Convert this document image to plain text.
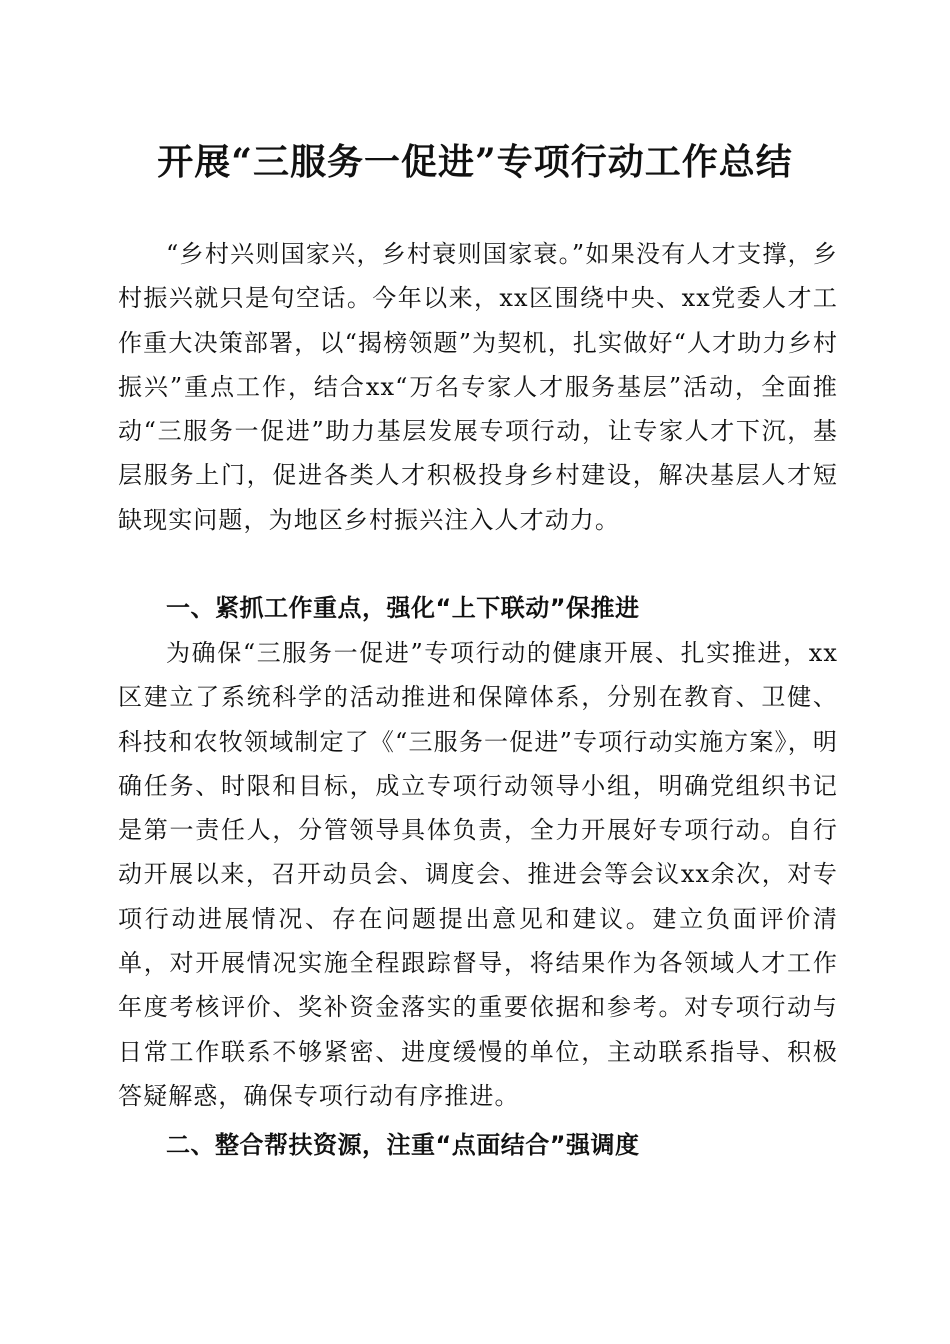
开展“三服务一促进”专项行动工作总结

“乡村兴则国家兴，乡村衰则国家衰。”如果没有人才支撑，乡村振兴就只是句空话。今年以来，xx区围绕中央、xx党委人才工作重大决策部署，以“揭榜领题”为契机，扎实做好“人才助力乡村振兴”重点工作，结合xx“万名专家人才服务基层”活动，全面推动“三服务一促进”助力基层发展专项行动，让专家人才下沉，基层服务上门，促进各类人才积极投身乡村建设，解决基层人才短缺现实问题，为地区乡村振兴注入人才动力。

一、紧抓工作重点，强化“上下联动”保推进

为确保“三服务一促进”专项行动的健康开展、扎实推进，xx区建立了系统科学的活动推进和保障体系，分别在教育、卫健、科技和农牧领域制定了《“三服务一促进”专项行动实施方案》，明确任务、时限和目标，成立专项行动领导小组，明确党组织书记是第一责任人，分管领导具体负责，全力开展好专项行动。自行动开展以来，召开动员会、调度会、推进会等会议xx余次，对专项行动进展情况、存在问题提出意见和建议。建立负面评价清单，对开展情况实施全程跟踪督导，将结果作为各领域人才工作年度考核评价、奖补资金落实的重要依据和参考。对专项行动与日常工作联系不够紧密、进度缓慢的单位，主动联系指导、积极答疑解惑，确保专项行动有序推进。

二、整合帮扶资源，注重“点面结合”强调度
